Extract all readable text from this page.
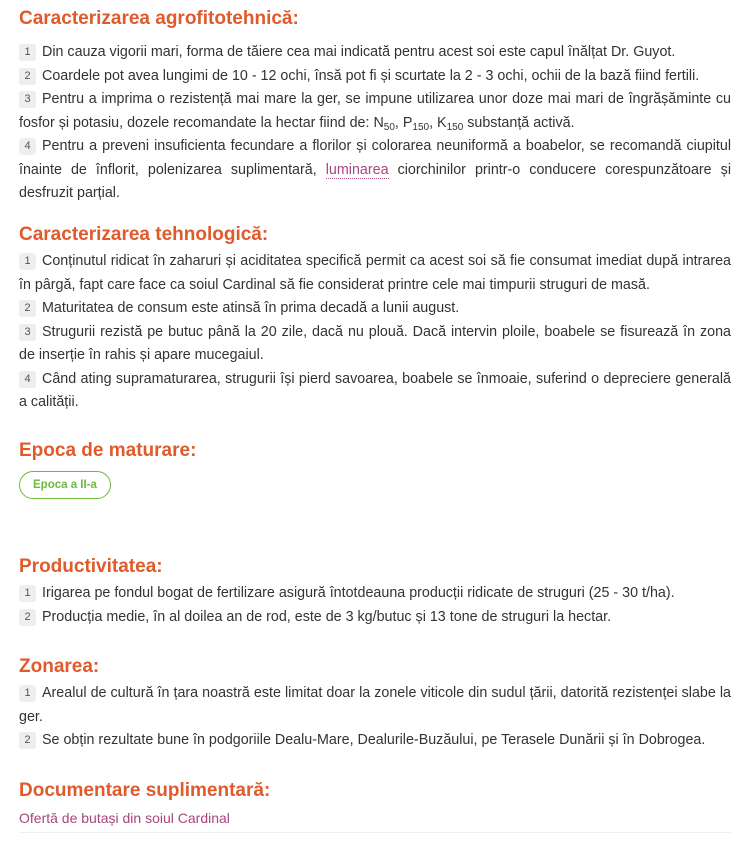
Caracterizarea agrofitotehnică:
1 Din cauza vigorii mari, forma de tăiere cea mai indicată pentru acest soi este capul înălțat Dr. Guyot.
2 Coardele pot avea lungimi de 10 - 12 ochi, însă pot fi și scurtate la 2 - 3 ochi, ochii de la bază fiind fertili.
3 Pentru a imprima o rezistență mai mare la ger, se impune utilizarea unor doze mai mari de îngrășăminte cu fosfor și potasiu, dozele recomandate la hectar fiind de: $N_{50}$, $P_{150}$, $K_{150}$ substanță activă.
4 Pentru a preveni insuficienta fecundare a florilor și colorarea neuniformă a boabelor, se recomandă ciupitul înainte de înflorit, polenizarea suplimentară, luminarea ciorchinilor printr-o conducere corespunzătoare și desfruzit parțial.
Caracterizarea tehnologică:
1 Conținutul ridicat în zaharuri și aciditatea specifică permit ca acest soi să fie consumat imediat după intrarea în pârgă, fapt care face ca soiul Cardinal să fie considerat printre cele mai timpurii struguri de masă.
2 Maturitatea de consum este atinsă în prima decadă a lunii august.
3 Strugurii rezistă pe butuc până la 20 zile, dacă nu plouă. Dacă intervin ploile, boabele se fisurează în zona de inserție în rahis și apare mucegaiul.
4 Când ating supramaturarea, strugurii își pierd savoarea, boabele se înmoaie, suferind o depreciere generală a calității.
Epoca de maturare:
Epoca a II-a
Productivitatea:
1 Irigarea pe fondul bogat de fertilizare asigură întotdeauna producții ridicate de struguri (25 - 30 t/ha).
2 Producția medie, în al doilea an de rod, este de 3 kg/butuc și 13 tone de struguri la hectar.
Zonarea:
1 Arealul de cultură în țara noastră este limitat doar la zonele viticole din sudul țării, datorită rezistenței slabe la ger.
2 Se obțin rezultate bune în podgoriile Dealu-Mare, Dealurile-Buzăului, pe Terasele Dunării și în Dobrogea.
Documentare suplimentară:
Ofertă de butași din soiul Cardinal
